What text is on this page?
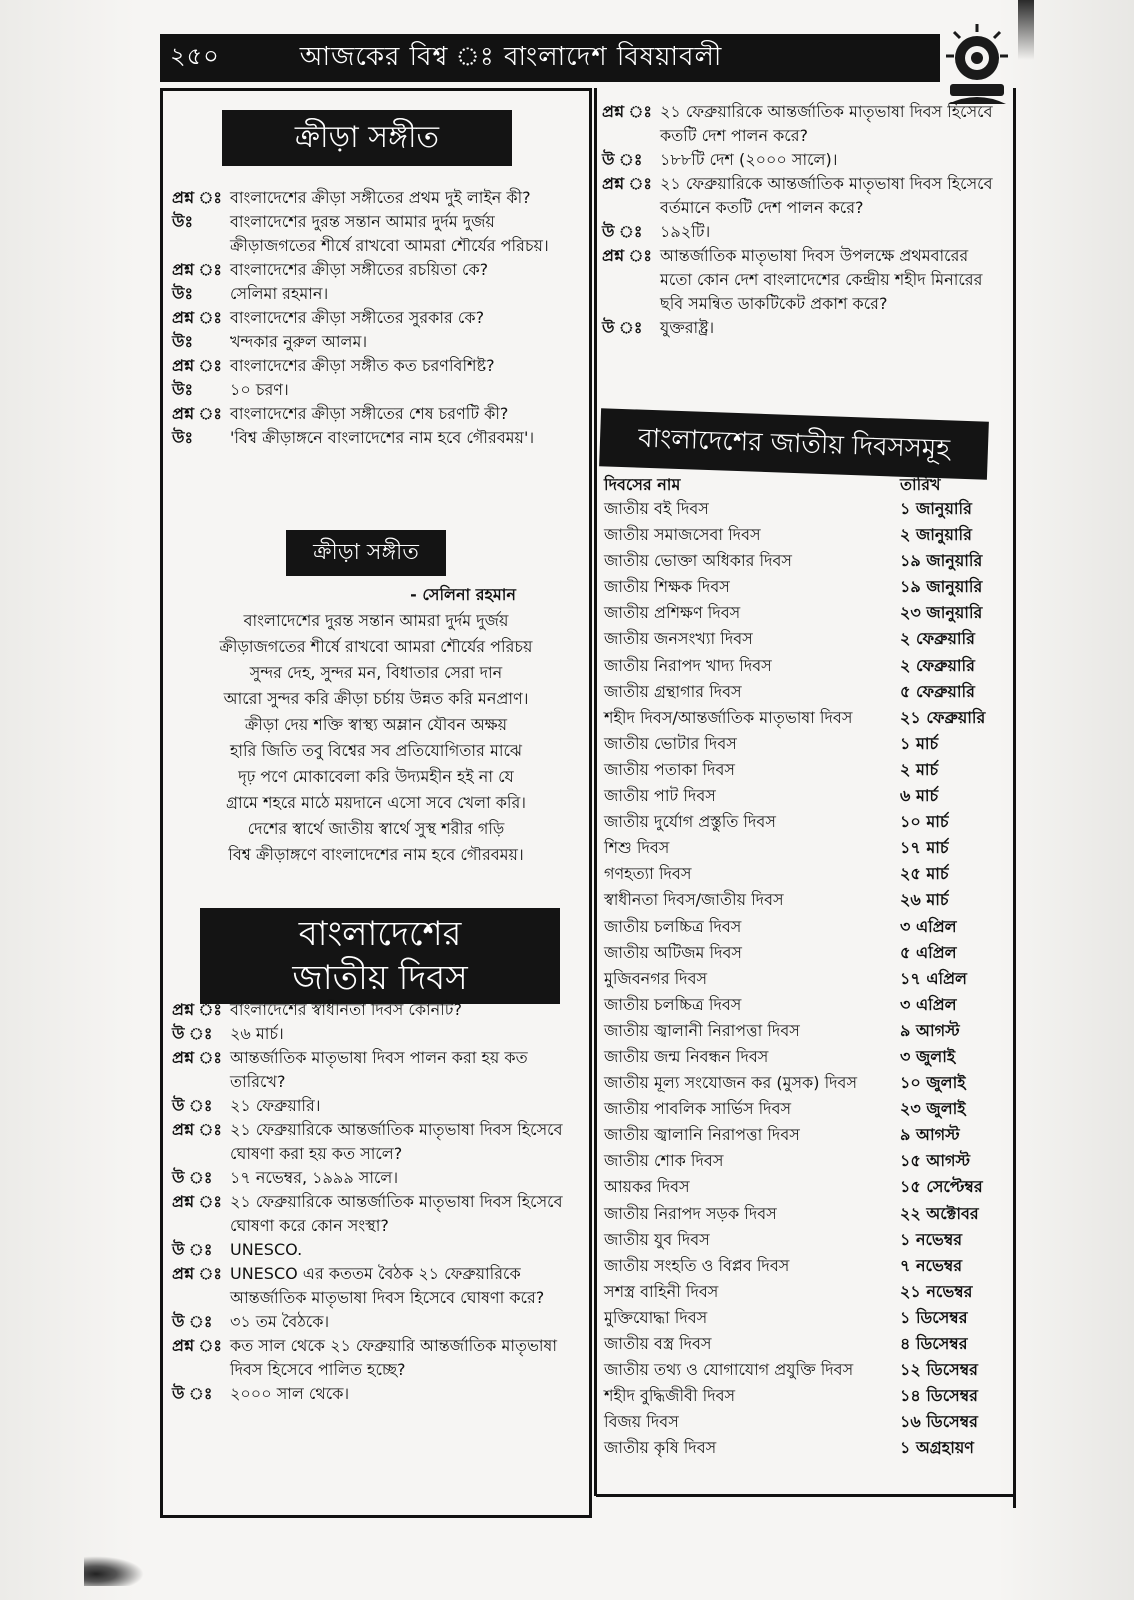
২৫০	আজকের বিশ্ব ঃ বাংলাদেশ বিষয়াবলী
ক্রীড়া সঙ্গীত
প্রশ্ন ঃ বাংলাদেশের ক্রীড়া সঙ্গীতের প্রথম দুই লাইন কী?
উঃ	বাংলাদেশের দুরন্ত সন্তান আমার দুর্দম দুর্জয় ক্রীড়াজগতের শীর্ষে রাখবো আমরা শৌর্যের পরিচয়।
প্রশ্ন ঃ বাংলাদেশের ক্রীড়া সঙ্গীতের রচয়িতা কে?
উঃ	সেলিমা রহমান।
প্রশ্ন ঃ বাংলাদেশের ক্রীড়া সঙ্গীতের সুরকার কে?
উঃ	খন্দকার নুরুল আলম।
প্রশ্ন ঃ বাংলাদেশের ক্রীড়া সঙ্গীত কত চরণবিশিষ্ট?
উঃ	১০ চরণ।
প্রশ্ন ঃ বাংলাদেশের ক্রীড়া সঙ্গীতের শেষ চরণটি কী?
উঃ	'বিশ্ব ক্রীড়াঙ্গনে বাংলাদেশের নাম হবে গৌরবময়'।
ক্রীড়া সঙ্গীত
- সেলিনা রহমান
বাংলাদেশের দুরন্ত সন্তান আমরা দুর্দম দুর্জয়
ক্রীড়াজগতের শীর্ষে রাখবো আমরা শৌর্যের পরিচয়
সুন্দর দেহ, সুন্দর মন, বিধাতার সেরা দান
আরো সুন্দর করি ক্রীড়া চর্চায় উন্নত করি মনপ্রাণ।
ক্রীড়া দেয় শক্তি স্বাস্থ্য অম্লান যৌবন অক্ষয়
হারি জিতি তবু বিশ্বের সব প্রতিযোগিতার মাঝে
দৃঢ় পণে মোকাবেলা করি উদ্যমহীন হই না যে
গ্রামে শহরে মাঠে ময়দানে এসো সবে খেলা করি।
দেশের স্বার্থে জাতীয় স্বার্থে সুস্থ শরীর গড়ি
বিশ্ব ক্রীড়াঙ্গণে বাংলাদেশের নাম হবে গৌরবময়।
বাংলাদেশের
জাতীয় দিবস
প্রশ্ন ঃ বাংলাদেশের স্বাধীনতা দিবস কোনটি?
উ ঃ	২৬ মার্চ।
প্রশ্ন ঃ আন্তর্জাতিক মাতৃভাষা দিবস পালন করা হয় কত তারিখে?
উ ঃ	২১ ফেব্রুয়ারি।
প্রশ্ন ঃ ২১ ফেব্রুয়ারিকে আন্তর্জাতিক মাতৃভাষা দিবস হিসেবে ঘোষণা করা হয় কত সালে?
উ ঃ	১৭ নভেম্বর, ১৯৯৯ সালে।
প্রশ্ন ঃ ২১ ফেব্রুয়ারিকে আন্তর্জাতিক মাতৃভাষা দিবস হিসেবে ঘোষণা করে কোন সংস্থা?
উ ঃ	UNESCO.
প্রশ্ন ঃ UNESCO এর কততম বৈঠক ২১ ফেব্রুয়ারিকে আন্তর্জাতিক মাতৃভাষা দিবস হিসেবে ঘোষণা করে?
উ ঃ	৩১ তম বৈঠকে।
প্রশ্ন ঃ কত সাল থেকে ২১ ফেব্রুয়ারি আন্তর্জাতিক মাতৃভাষা দিবস হিসেবে পালিত হচ্ছে?
উ ঃ	২০০০ সাল থেকে।
প্রশ্ন ঃ ২১ ফেব্রুয়ারিকে আন্তর্জাতিক মাতৃভাষা দিবস হিসেবে কতটি দেশ পালন করে?
উ ঃ	১৮৮টি দেশ (২০০০ সালে)।
প্রশ্ন ঃ ২১ ফেব্রুয়ারিকে আন্তর্জাতিক মাতৃভাষা দিবস হিসেবে বর্তমানে কতটি দেশ পালন করে?
উ ঃ	১৯২টি।
প্রশ্ন ঃ আন্তর্জাতিক মাতৃভাষা দিবস উপলক্ষে প্রথমবারের মতো কোন দেশ বাংলাদেশের কেন্দ্রীয় শহীদ মিনারের ছবি সমন্বিত ডাকটিকেট প্রকাশ করে?
উ ঃ	যুক্তরাষ্ট্র।
বাংলাদেশের জাতীয় দিবসসমূহ
দিবসের নাম	তারিখ
জাতীয় বই দিবস	১ জানুয়ারি
জাতীয় সমাজসেবা দিবস	২ জানুয়ারি
জাতীয় ভোক্তা অধিকার দিবস	১৯ জানুয়ারি
জাতীয় শিক্ষক দিবস	১৯ জানুয়ারি
জাতীয় প্রশিক্ষণ দিবস	২৩ জানুয়ারি
জাতীয় জনসংখ্যা দিবস	২ ফেব্রুয়ারি
জাতীয় নিরাপদ খাদ্য দিবস	২ ফেব্রুয়ারি
জাতীয় গ্রন্থাগার দিবস	৫ ফেব্রুয়ারি
শহীদ দিবস/আন্তর্জাতিক মাতৃভাষা দিবস	২১ ফেব্রুয়ারি
জাতীয় ভোটার দিবস	১ মার্চ
জাতীয় পতাকা দিবস	২ মার্চ
জাতীয় পাট দিবস	৬ মার্চ
জাতীয় দুর্যোগ প্রস্তুতি দিবস	১০ মার্চ
শিশু দিবস	১৭ মার্চ
গণহত্যা দিবস	২৫ মার্চ
স্বাধীনতা দিবস/জাতীয় দিবস	২৬ মার্চ
জাতীয় চলচ্চিত্র দিবস	৩ এপ্রিল
জাতীয় অটিজম দিবস	৫ এপ্রিল
মুজিবনগর দিবস	১৭ এপ্রিল
জাতীয় চলচ্চিত্র দিবস	৩ এপ্রিল
জাতীয় জ্বালানী নিরাপত্তা দিবস	৯ আগস্ট
জাতীয় জন্ম নিবন্ধন দিবস	৩ জুলাই
জাতীয় মূল্য সংযোজন কর (মুসক) দিবস	১০ জুলাই
জাতীয় পাবলিক সার্ভিস দিবস	২৩ জুলাই
জাতীয় জ্বালানি নিরাপত্তা দিবস	৯ আগস্ট
জাতীয় শোক দিবস	১৫ আগস্ট
আয়কর দিবস	১৫ সেপ্টেম্বর
জাতীয় নিরাপদ সড়ক দিবস	২২ অক্টোবর
জাতীয় যুব দিবস	১ নভেম্বর
জাতীয় সংহতি ও বিপ্লব দিবস	৭ নভেম্বর
সশস্ত্র বাহিনী দিবস	২১ নভেম্বর
মুক্তিযোদ্ধা দিবস	১ ডিসেম্বর
জাতীয় বস্ত্র দিবস	৪ ডিসেম্বর
জাতীয় তথ্য ও যোগাযোগ প্রযুক্তি দিবস	১২ ডিসেম্বর
শহীদ বুদ্ধিজীবী দিবস	১৪ ডিসেম্বর
বিজয় দিবস	১৬ ডিসেম্বর
জাতীয় কৃষি দিবস	১ অগ্রহায়ণ
